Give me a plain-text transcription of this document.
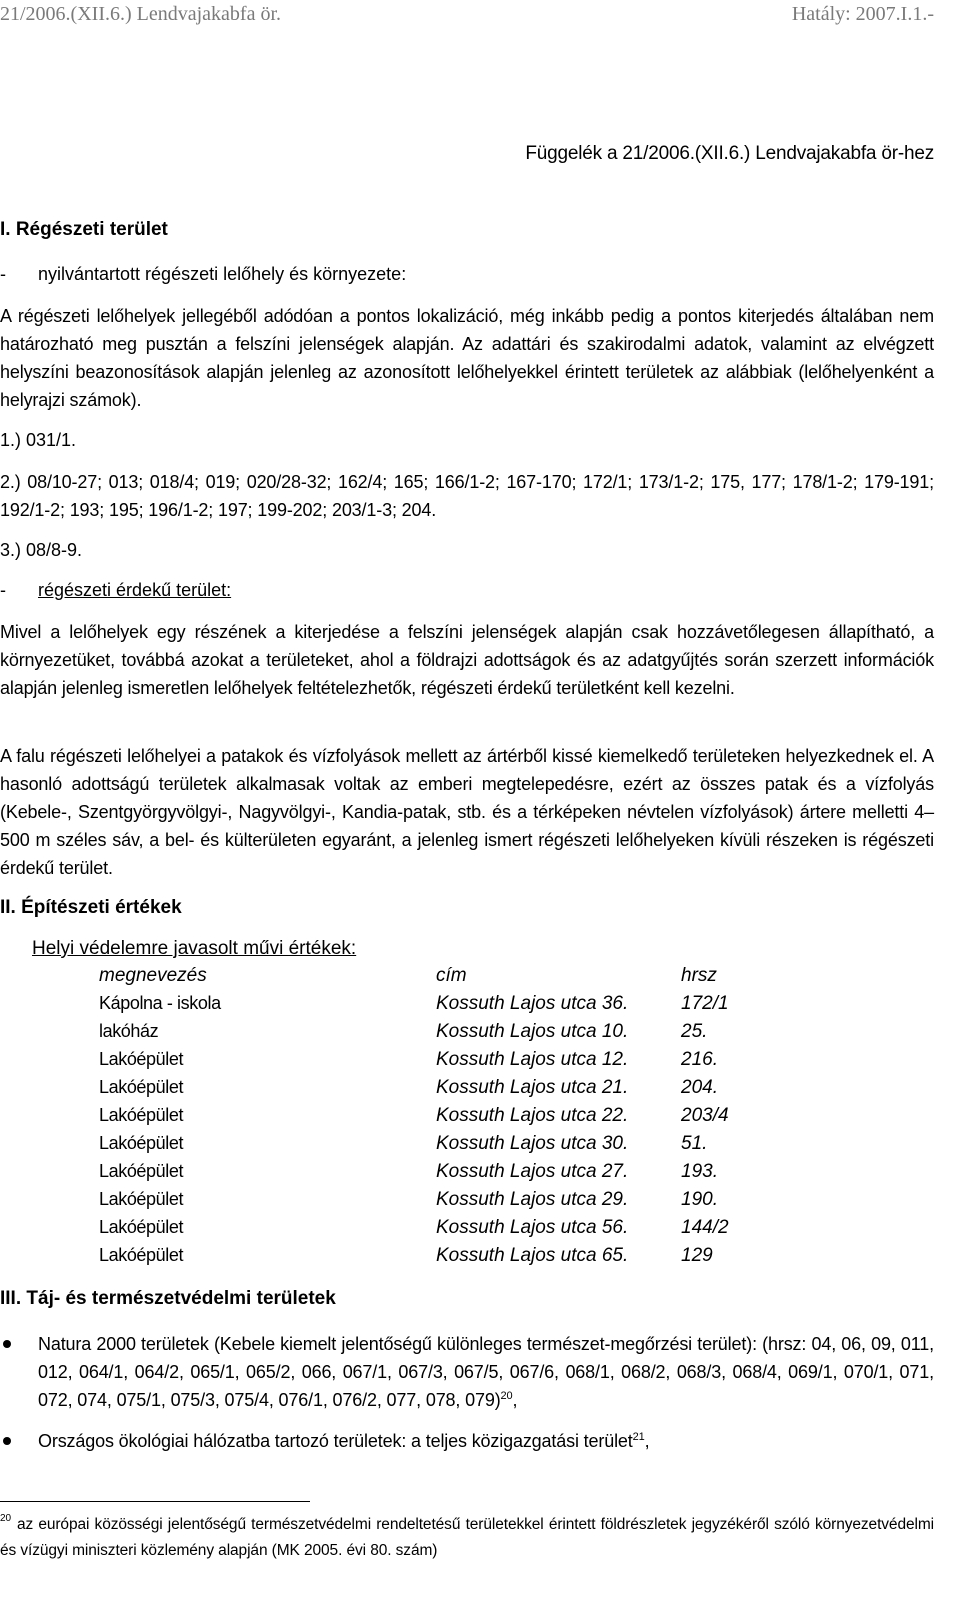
21/2006.(XII.6.) Lendvajakabfa ör.	Hatály: 2007.I.1.-
Függelék a 21/2006.(XII.6.) Lendvajakabfa ör-hez
I. Régészeti terület
- nyilvántartott régészeti lelőhely és környezete:
A régészeti lelőhelyek jellegéből adódóan a pontos lokalizáció, még inkább pedig a pontos kiterjedés általában nem határozható meg pusztán a felszíni jelenségek alapján. Az adattári és szakirodalmi adatok, valamint az elvégzett helyszíni beazonosítások alapján jelenleg az azonosított lelőhelyekkel érintett területek az alábbiak (lelőhelyenként a helyrajzi számok).
1.) 031/1.
2.) 08/10-27; 013; 018/4; 019; 020/28-32; 162/4; 165; 166/1-2; 167-170; 172/1; 173/1-2; 175, 177; 178/1-2; 179-191; 192/1-2; 193; 195; 196/1-2; 197; 199-202; 203/1-3; 204.
3.) 08/8-9.
- régészeti érdekű terület:
Mivel a lelőhelyek egy részének a kiterjedése a felszíni jelenségek alapján csak hozzávetőlegesen állapítható, a környezetüket, továbbá azokat a területeket, ahol a földrajzi adottságok és az adatgyűjtés során szerzett információk alapján jelenleg ismeretlen lelőhelyek feltételezhetők, régészeti érdekű területként kell kezelni.
A falu régészeti lelőhelyei a patakok és vízfolyások mellett az ártérből kissé kiemelkedő területeken helyezkednek el. A hasonló adottságú területek alkalmasak voltak az emberi megtelepedésre, ezért az összes patak és a vízfolyás (Kebele-, Szentgyörgyvölgyi-, Nagyvölgyi-, Kandia-patak, stb. és a térképeken névtelen vízfolyások) ártere melletti 4–500 m széles sáv, a bel- és külterületen egyaránt, a jelenleg ismert régészeti lelőhelyeken kívüli részeken is régészeti érdekű terület.
II. Építészeti értékek
Helyi védelemre javasolt művi értékek:
megnevezés	cím	hrsz
Kápolna - iskola	Kossuth Lajos utca 36.	172/1
lakóház	Kossuth Lajos utca 10.	25.
Lakóépület	Kossuth Lajos utca 12.	216.
Lakóépület	Kossuth Lajos utca 21.	204.
Lakóépület	Kossuth Lajos utca 22.	203/4
Lakóépület	Kossuth Lajos utca 30.	51.
Lakóépület	Kossuth Lajos utca 27.	193.
Lakóépület	Kossuth Lajos utca 29.	190.
Lakóépület	Kossuth Lajos utca 56.	144/2
Lakóépület	Kossuth Lajos utca 65.	129
III. Táj- és természetvédelmi területek
Natura 2000 területek (Kebele kiemelt jelentőségű különleges természet-megőrzési terület): (hrsz: 04, 06, 09, 011, 012, 064/1, 064/2, 065/1, 065/2, 066, 067/1, 067/3, 067/5, 067/6, 068/1, 068/2, 068/3, 068/4, 069/1, 070/1, 071, 072, 074, 075/1, 075/3, 075/4, 076/1, 076/2, 077, 078, 079)$^{20}$,
Országos ökológiai hálózatba tartozó területek: a teljes közigazgatási terület$^{21}$,
$^{20}$ az európai közösségi jelentőségű természetvédelmi rendeltetésű területekkel érintett földrészletek jegyzékéről szóló környezetvédelmi és vízügyi miniszteri közlemény alapján (MK 2005. évi 80. szám)
